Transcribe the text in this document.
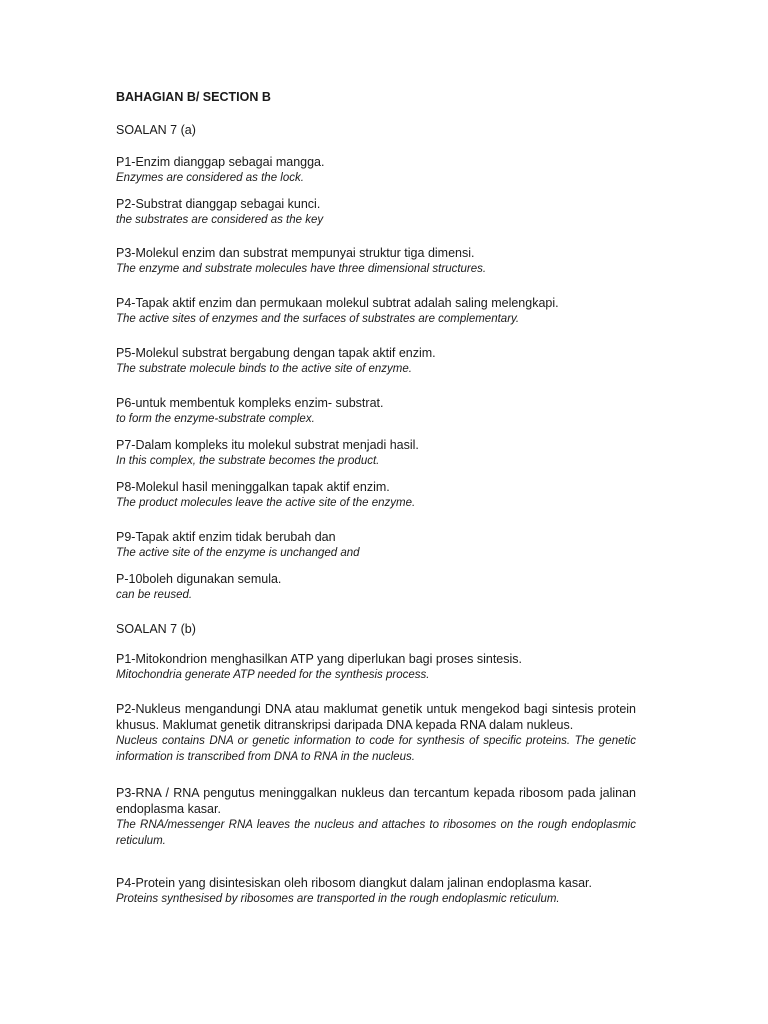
BAHAGIAN B/ SECTION B
SOALAN 7 (a)
P1-Enzim dianggap sebagai mangga.
Enzymes are considered as the lock.
P2-Substrat dianggap sebagai kunci.
the substrates are considered as the key
P3-Molekul enzim dan substrat mempunyai struktur tiga dimensi.
The enzyme and substrate molecules have three dimensional structures.
P4-Tapak aktif enzim dan permukaan molekul subtrat adalah saling melengkapi.
The active sites of enzymes and the surfaces of substrates are complementary.
P5-Molekul substrat bergabung dengan tapak aktif enzim.
The substrate molecule binds to the active site of enzyme.
P6-untuk membentuk kompleks enzim- substrat.
to form the enzyme-substrate complex.
P7-Dalam kompleks itu molekul substrat menjadi hasil.
In this complex, the substrate becomes the product.
P8-Molekul hasil meninggalkan tapak aktif enzim.
The product molecules leave the active site of the enzyme.
P9-Tapak aktif enzim tidak berubah dan
The active site of the enzyme is unchanged and
P-10boleh digunakan semula.
can be reused.
SOALAN 7 (b)
P1-Mitokondrion menghasilkan ATP yang diperlukan bagi proses sintesis.
Mitochondria generate ATP needed for the synthesis process.
P2-Nukleus mengandungi DNA atau maklumat genetik untuk mengekod bagi sintesis protein khusus. Maklumat genetik ditranskripsi daripada DNA kepada RNA dalam nukleus.
Nucleus contains DNA or genetic information to code for synthesis of specific proteins. The genetic information is transcribed from DNA to RNA in the nucleus.
P3-RNA / RNA pengutus meninggalkan nukleus dan tercantum kepada ribosom pada jalinan endoplasma kasar.
The RNA/messenger RNA leaves the nucleus and attaches to ribosomes on the rough endoplasmic reticulum.
P4-Protein yang disintesiskan oleh ribosom diangkut dalam jalinan endoplasma kasar.
Proteins synthesised by ribosomes are transported in the rough endoplasmic reticulum.
